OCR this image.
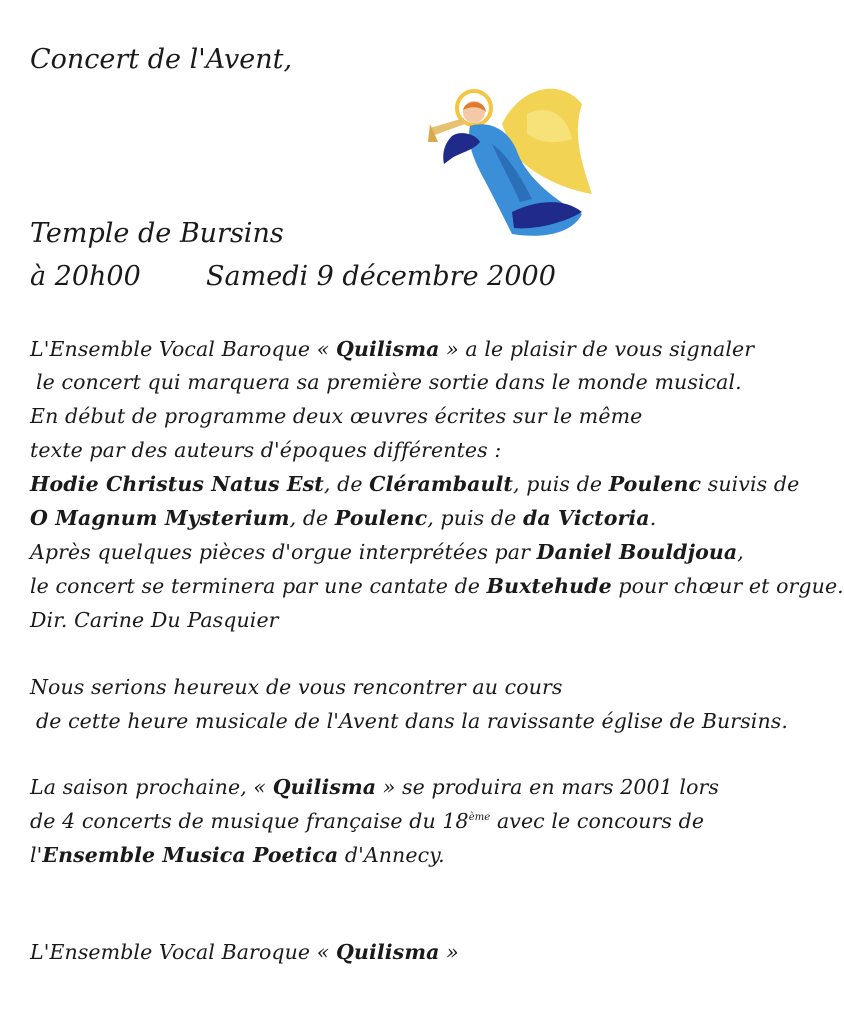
Concert de l'Avent,
Temple de Bursins
à 20h00 Samedi 9 décembre 2000
L'Ensemble Vocal Baroque « Quilisma » a le plaisir de vous signaler
le concert qui marquera sa première sortie dans le monde musical.
En début de programme deux œuvres écrites sur le même
texte par des auteurs d'époques différentes :
Hodie Christus Natus Est, de Clérambault, puis de Poulenc suivis de
O Magnum Mysterium, de Poulenc, puis de da Victoria.
Après quelques pièces d'orgue interprétées par Daniel Bouldjoua,
le concert se terminera par une cantate de Buxtehude pour chœur et orgue.
Dir. Carine Du Pasquier
Nous serions heureux de vous rencontrer au cours
de cette heure musicale de l'Avent dans la ravissante église de Bursins.
La saison prochaine, « Quilisma » se produira en mars 2001 lors
de 4 concerts de musique française du 18ème avec le concours de
l'Ensemble Musica Poetica d'Annecy.
L'Ensemble Vocal Baroque « Quilisma »
